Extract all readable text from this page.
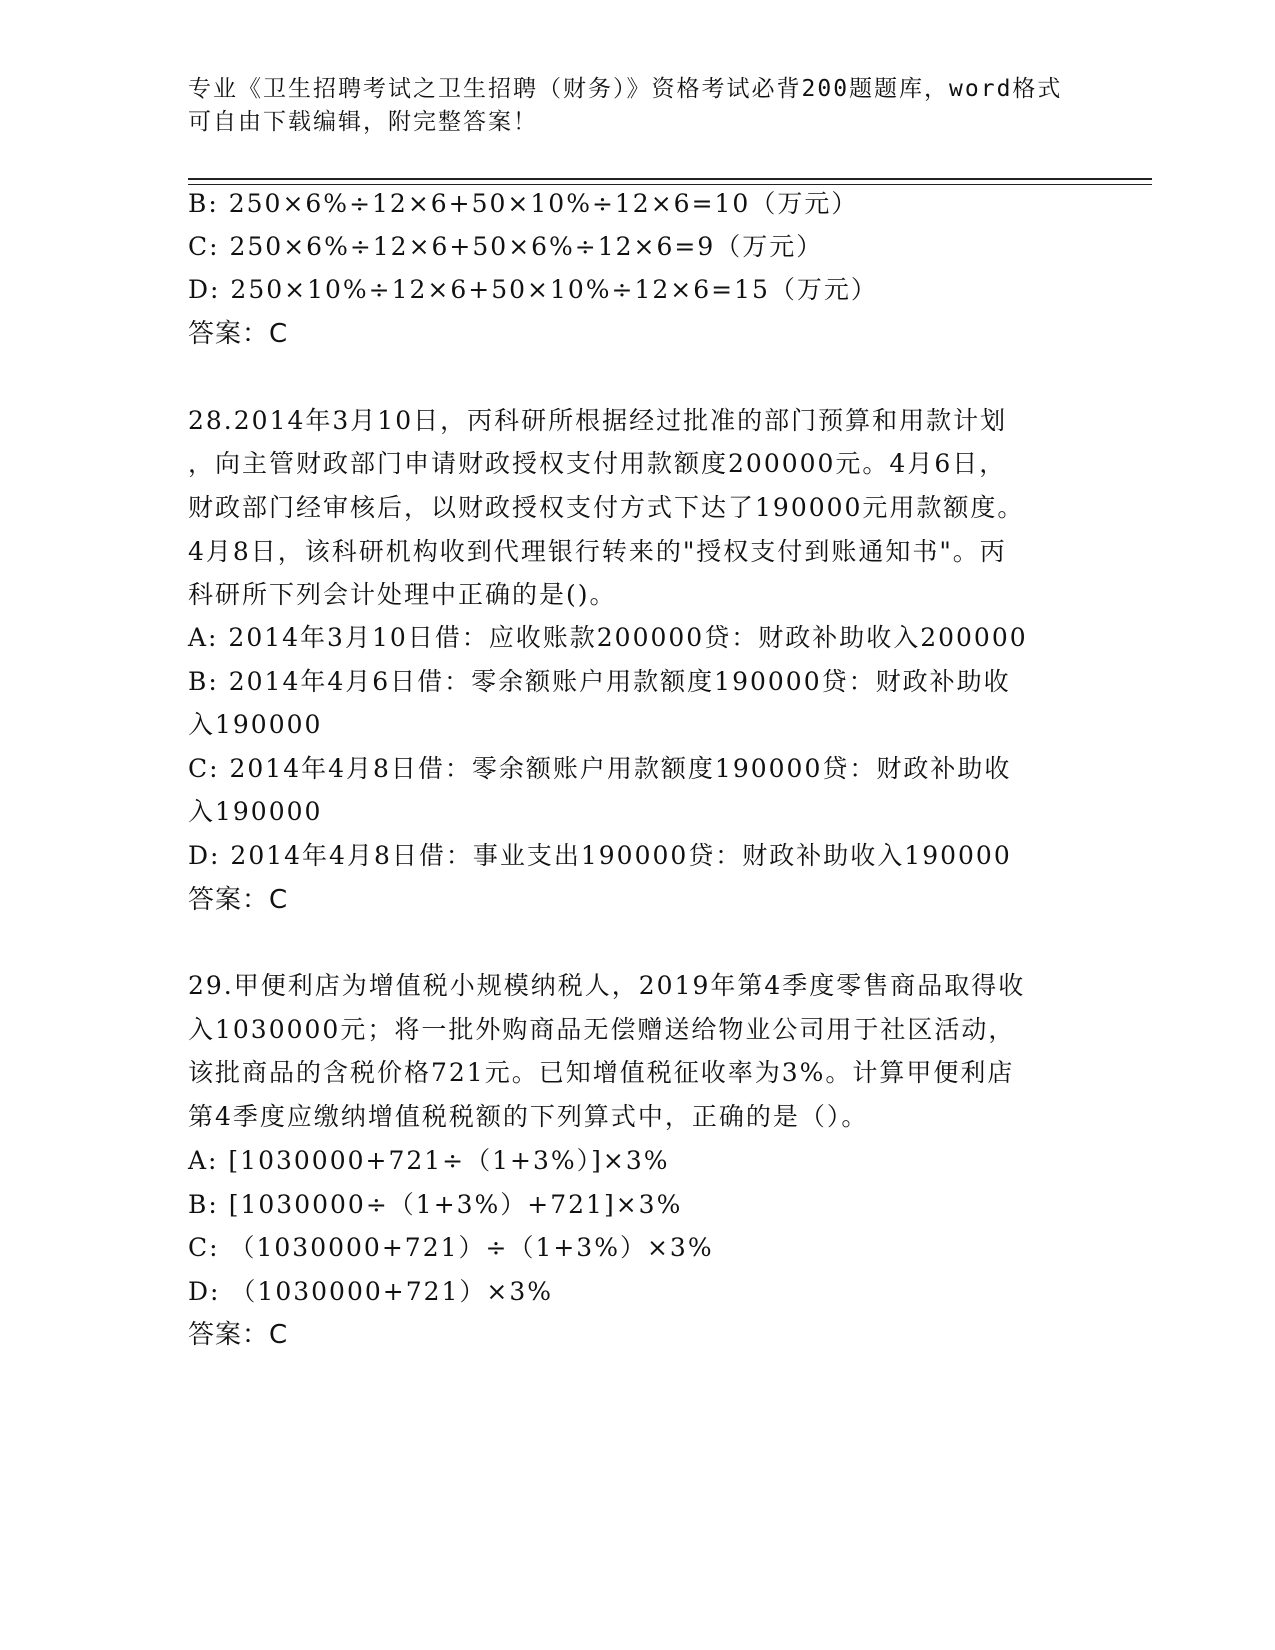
专业《卫生招聘考试之卫生招聘（财务）》资格考试必背200题题库，word格式
可自由下载编辑，附完整答案！
B: 250×6%÷12×6+50×10%÷12×6=10（万元）
C: 250×6%÷12×6+50×6%÷12×6=9（万元）
D: 250×10%÷12×6+50×10%÷12×6=15（万元）
答案：C
28.2014年3月10日，丙科研所根据经过批准的部门预算和用款计划
，向主管财政部门申请财政授权支付用款额度200000元。4月6日，
财政部门经审核后，以财政授权支付方式下达了190000元用款额度。
4月8日，该科研机构收到代理银行转来的"授权支付到账通知书"。丙
科研所下列会计处理中正确的是()。
A: 2014年3月10日借：应收账款200000贷：财政补助收入200000
B: 2014年4月6日借：零余额账户用款额度190000贷：财政补助收
入190000
C: 2014年4月8日借：零余额账户用款额度190000贷：财政补助收
入190000
D: 2014年4月8日借：事业支出190000贷：财政补助收入190000
答案：C
29.甲便利店为增值税小规模纳税人，2019年第4季度零售商品取得收
入1030000元；将一批外购商品无偿赠送给物业公司用于社区活动，
该批商品的含税价格721元。已知增值税征收率为3%。计算甲便利店
第4季度应缴纳增值税税额的下列算式中，正确的是（）。
A: [1030000+721÷（1+3%）]×3%
B: [1030000÷（1+3%）+721]×3%
C: （1030000+721）÷（1+3%）×3%
D: （1030000+721）×3%
答案：C
